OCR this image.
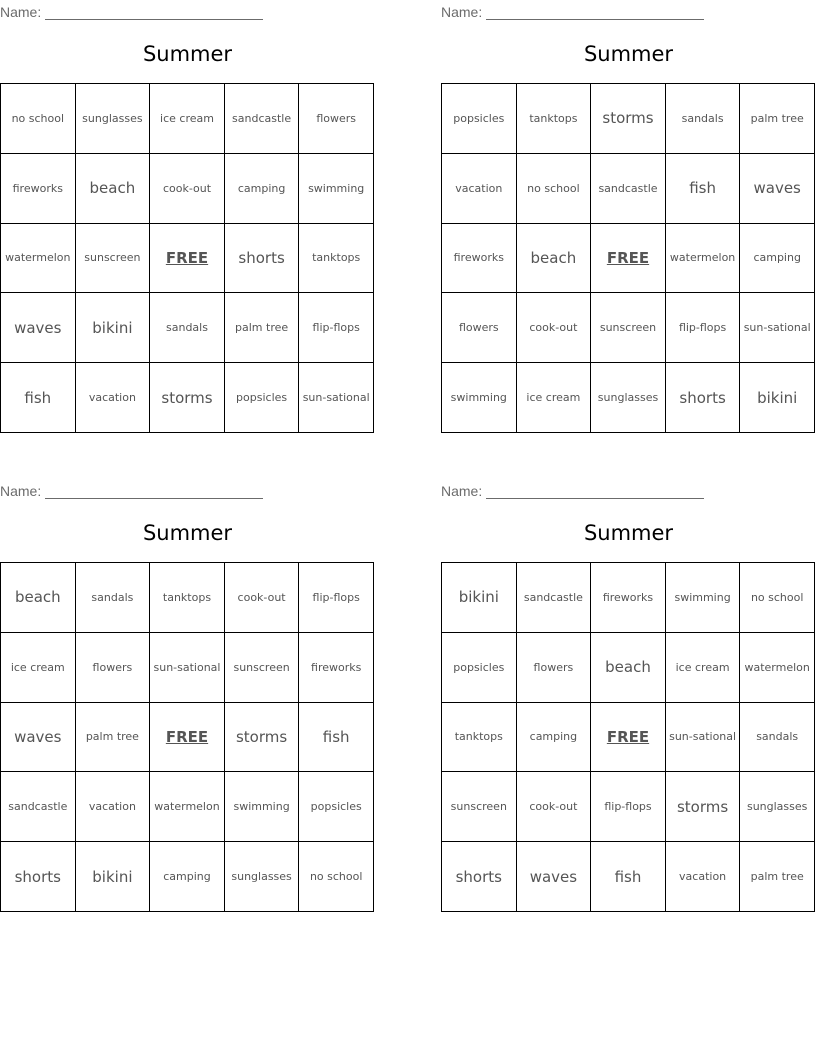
Name:
Summer
no school	sunglasses	ice cream	sandcastle	flowers
fireworks	beach	cook-out	camping	swimming
watermelon	sunscreen	FREE	shorts	tanktops
waves	bikini	sandals	palm tree	flip-flops
fish	vacation	storms	popsicles	sun-sational
Name:
Summer
popsicles	tanktops	storms	sandals	palm tree
vacation	no school	sandcastle	fish	waves
fireworks	beach	FREE	watermelon	camping
flowers	cook-out	sunscreen	flip-flops	sun-sational
swimming	ice cream	sunglasses	shorts	bikini
Name:
Summer
beach	sandals	tanktops	cook-out	flip-flops
ice cream	flowers	sun-sational	sunscreen	fireworks
waves	palm tree	FREE	storms	fish
sandcastle	vacation	watermelon	swimming	popsicles
shorts	bikini	camping	sunglasses	no school
Name:
Summer
bikini	sandcastle	fireworks	swimming	no school
popsicles	flowers	beach	ice cream	watermelon
tanktops	camping	FREE	sun-sational	sandals
sunscreen	cook-out	flip-flops	storms	sunglasses
shorts	waves	fish	vacation	palm tree
